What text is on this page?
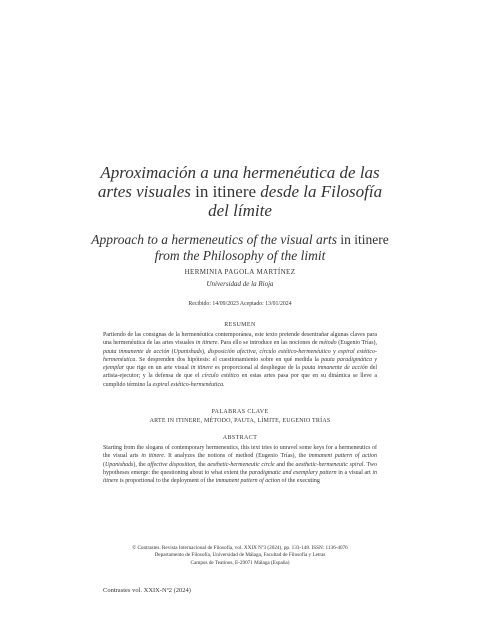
Aproximación a una hermenéutica de las artes visuales in itinere desde la Filosofía del límite
Approach to a hermeneutics of the visual arts in itinere from the Philosophy of the limit
HERMINIA PAGOLA MARTÍNEZ
Universidad de la Rioja
Recibido: 14/09/2023 Aceptado: 13/01/2024
RESUMEN
Partiendo de las consignas de la hermenéutica contemporánea, este texto pretende desentrañar algunas claves para una hermenéutica de las artes visuales in itinere. Para ello se introduce en las nociones de método (Eugenio Trías), pauta inmanente de acción (Upanishads), disposición afectiva, círculo estético-hermenéutico y espiral estético-hermenéutica. Se desprenden dos hipótesis: el cuestionamiento sobre en qué medida la pauta paradigmática y ejemplar que rige en un arte visual in itinere es proporcional al despliegue de la pauta inmanente de acción del artista-ejecutor; y la defensa de que el círculo estético en estas artes pasa por que en su dinámica se lleve a cumplido término la espiral estético-hermenéutica.
PALABRAS CLAVE
ARTE IN ITINERE, MÉTODO, PAUTA, LÍMITE, EUGENIO TRÍAS
ABSTRACT
Starting from the slogans of contemporary hermeneutics, this text tries to unravel some keys for a hermeneutics of the visual arts in itinere. It analyzes the notions of method (Eugenio Trías), the immanent pattern of action (Upanishads), the affective disposition, the aesthetic-hermeneutic circle and the aesthetic-hermeneutic spiral. Two hypotheses emerge: the questioning about to what extent the paradigmatic and exemplary pattern in a visual art in itinere is proportional to the deployment of the immanent pattern of action of the executing
© Contrastes. Revista Internacional de Filosofía, vol. XXIX Nº3 (2024), pp. 133-148. ISSN: 1136-4076
Departamento de Filosofía, Universidad de Málaga, Facultad de Filosofía y Letras
Campus de Teatinos, E-29071 Málaga (España)
Contrastes vol. XXIX-Nº2 (2024)
